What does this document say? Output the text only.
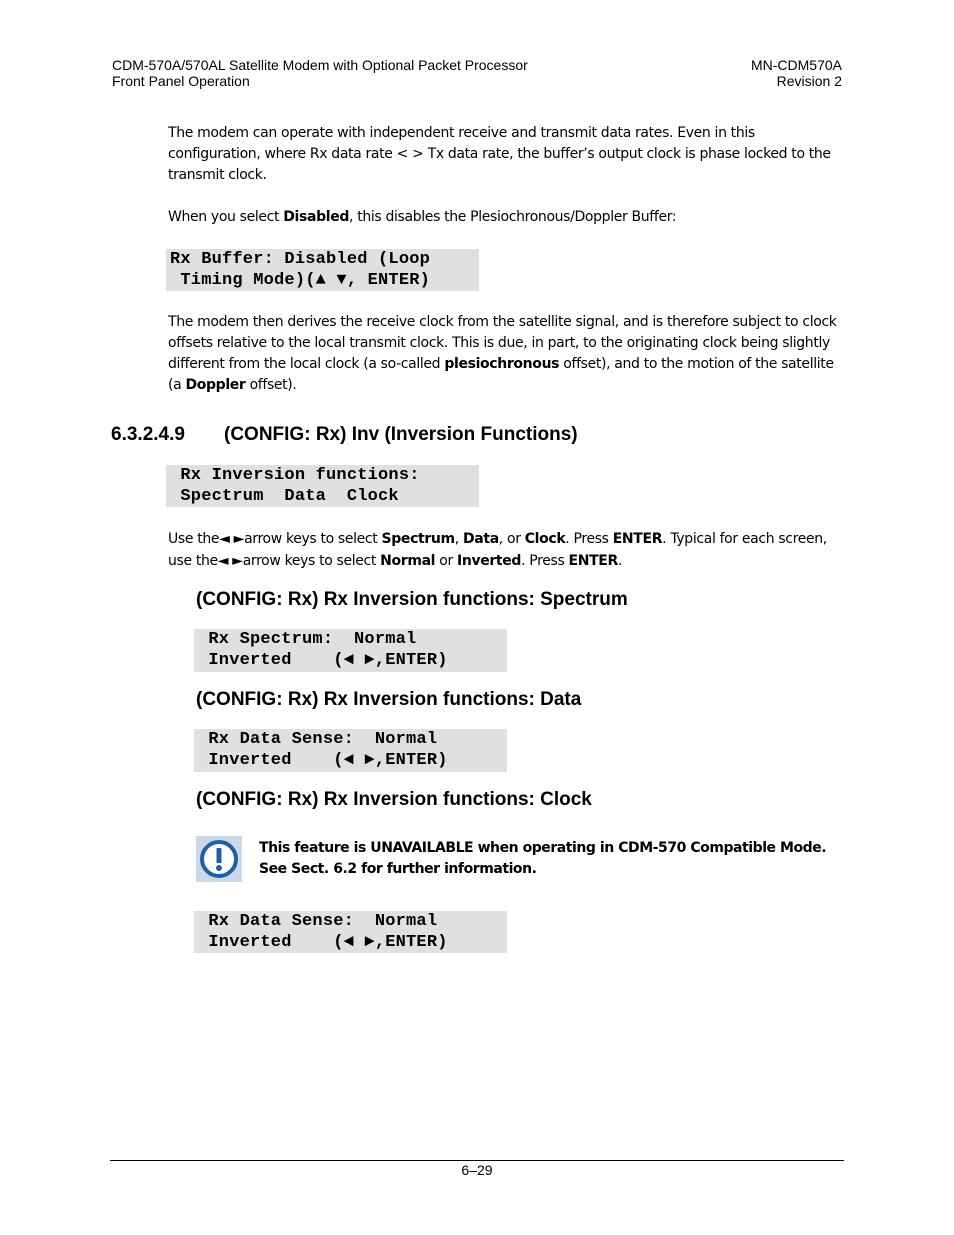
CDM-570A/570AL Satellite Modem with Optional Packet Processor
Front Panel Operation
MN-CDM570A
Revision 2

The modem can operate with independent receive and transmit data rates. Even in this configuration, where Rx data rate < > Tx data rate, the buffer’s output clock is phase locked to the transmit clock.

When you select Disabled, this disables the Plesiochronous/Doppler Buffer:

Rx Buffer: Disabled (Loop
Timing Mode)(▲ ▼, ENTER)

The modem then derives the receive clock from the satellite signal, and is therefore subject to clock offsets relative to the local transmit clock. This is due, in part, to the originating clock being slightly different from the local clock (a so-called plesiochronous offset), and to the motion of the satellite (a Doppler offset).

6.3.2.4.9 (CONFIG: Rx) Inv (Inversion Functions)
Rx Inversion functions:
Spectrum  Data  Clock

Use the◄ ►arrow keys to select Spectrum, Data, or Clock. Press ENTER. Typical for each screen, use the◄ ►arrow keys to select Normal or Inverted. Press ENTER.

(CONFIG: Rx) Rx Inversion functions: Spectrum
Rx Spectrum:  Normal
Inverted    (◄ ►,ENTER)
(CONFIG: Rx) Rx Inversion functions: Data
Rx Data Sense:  Normal
Inverted    (◄ ►,ENTER)
(CONFIG: Rx) Rx Inversion functions: Clock
This feature is UNAVAILABLE when operating in CDM-570 Compatible Mode. See Sect. 6.2 for further information.
Rx Data Sense:  Normal
Inverted    (◄ ►,ENTER)
6–29
